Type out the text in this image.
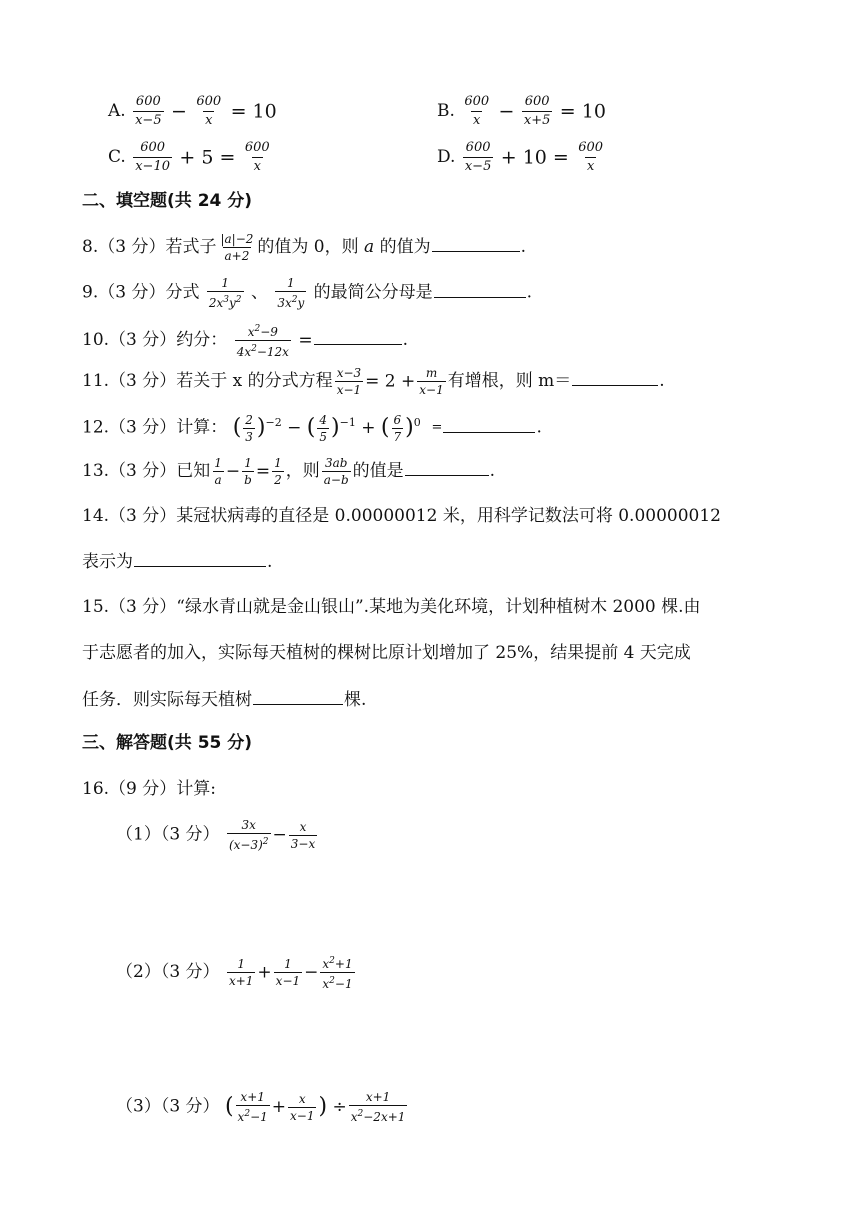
A. $\frac{600}{x-5} - \frac{600}{x} = 10$	B. $\frac{600}{x} - \frac{600}{x+5} = 10$
C. $\frac{600}{x-10} + 5 = \frac{600}{x}$	D. $\frac{600}{x-5} + 10 = \frac{600}{x}$
二、填空题(共 24 分)
8.（3 分）若式子 $\frac{|a|-2}{a+2}$ 的值为 0，则 a 的值为	.
9.（3 分）分式 $\frac{1}{2x^3y^2}$ 、 $\frac{1}{3x^2y}$ 的最简公分母是	.
10.（3 分）约分： $\frac{x^2-9}{4x^2-12x}$ =	.
11.（3 分）若关于 x 的分式方程 $\frac{x-3}{x-1} = 2 + \frac{m}{x-1}$ 有增根，则 m＝	.
12.（3 分）计算： ( $\frac{2}{3} )^{-2}$ − ( $\frac{4}{5} )^{-1}$ + ( $\frac{6}{7} )^0$ =	.
13.（3 分）已知 $\frac{1}{a} - \frac{1}{b} = \frac{1}{2}$ ，则 $\frac{3ab}{a-b}$ 的值是	.
14.（3 分）某冠状病毒的直径是 0.00000012 米，用科学记数法可将 0.00000012
表示为	.
15.（3 分）“绿水青山就是金山银山”.某地为美化环境，计划种植树木 2000 棵.由
于志愿者的加入，实际每天植树的棵树比原计划增加了 25%，结果提前 4 天完成
任务．则实际每天植树	棵.
三、解答题(共 55 分)
16.（9 分）计算:
（1）（3 分） $\frac{3x}{(x-3)^2} - \frac{x}{3-x}$
（2）（3 分） $\frac{1}{x+1} + \frac{1}{x-1} - \frac{x^2+1}{x^2-1}$
（3）（3 分） ( $\frac{x+1}{x^2-1} + \frac{x}{x-1}$ ) ÷ $\frac{x+1}{x^2-2x+1}$
